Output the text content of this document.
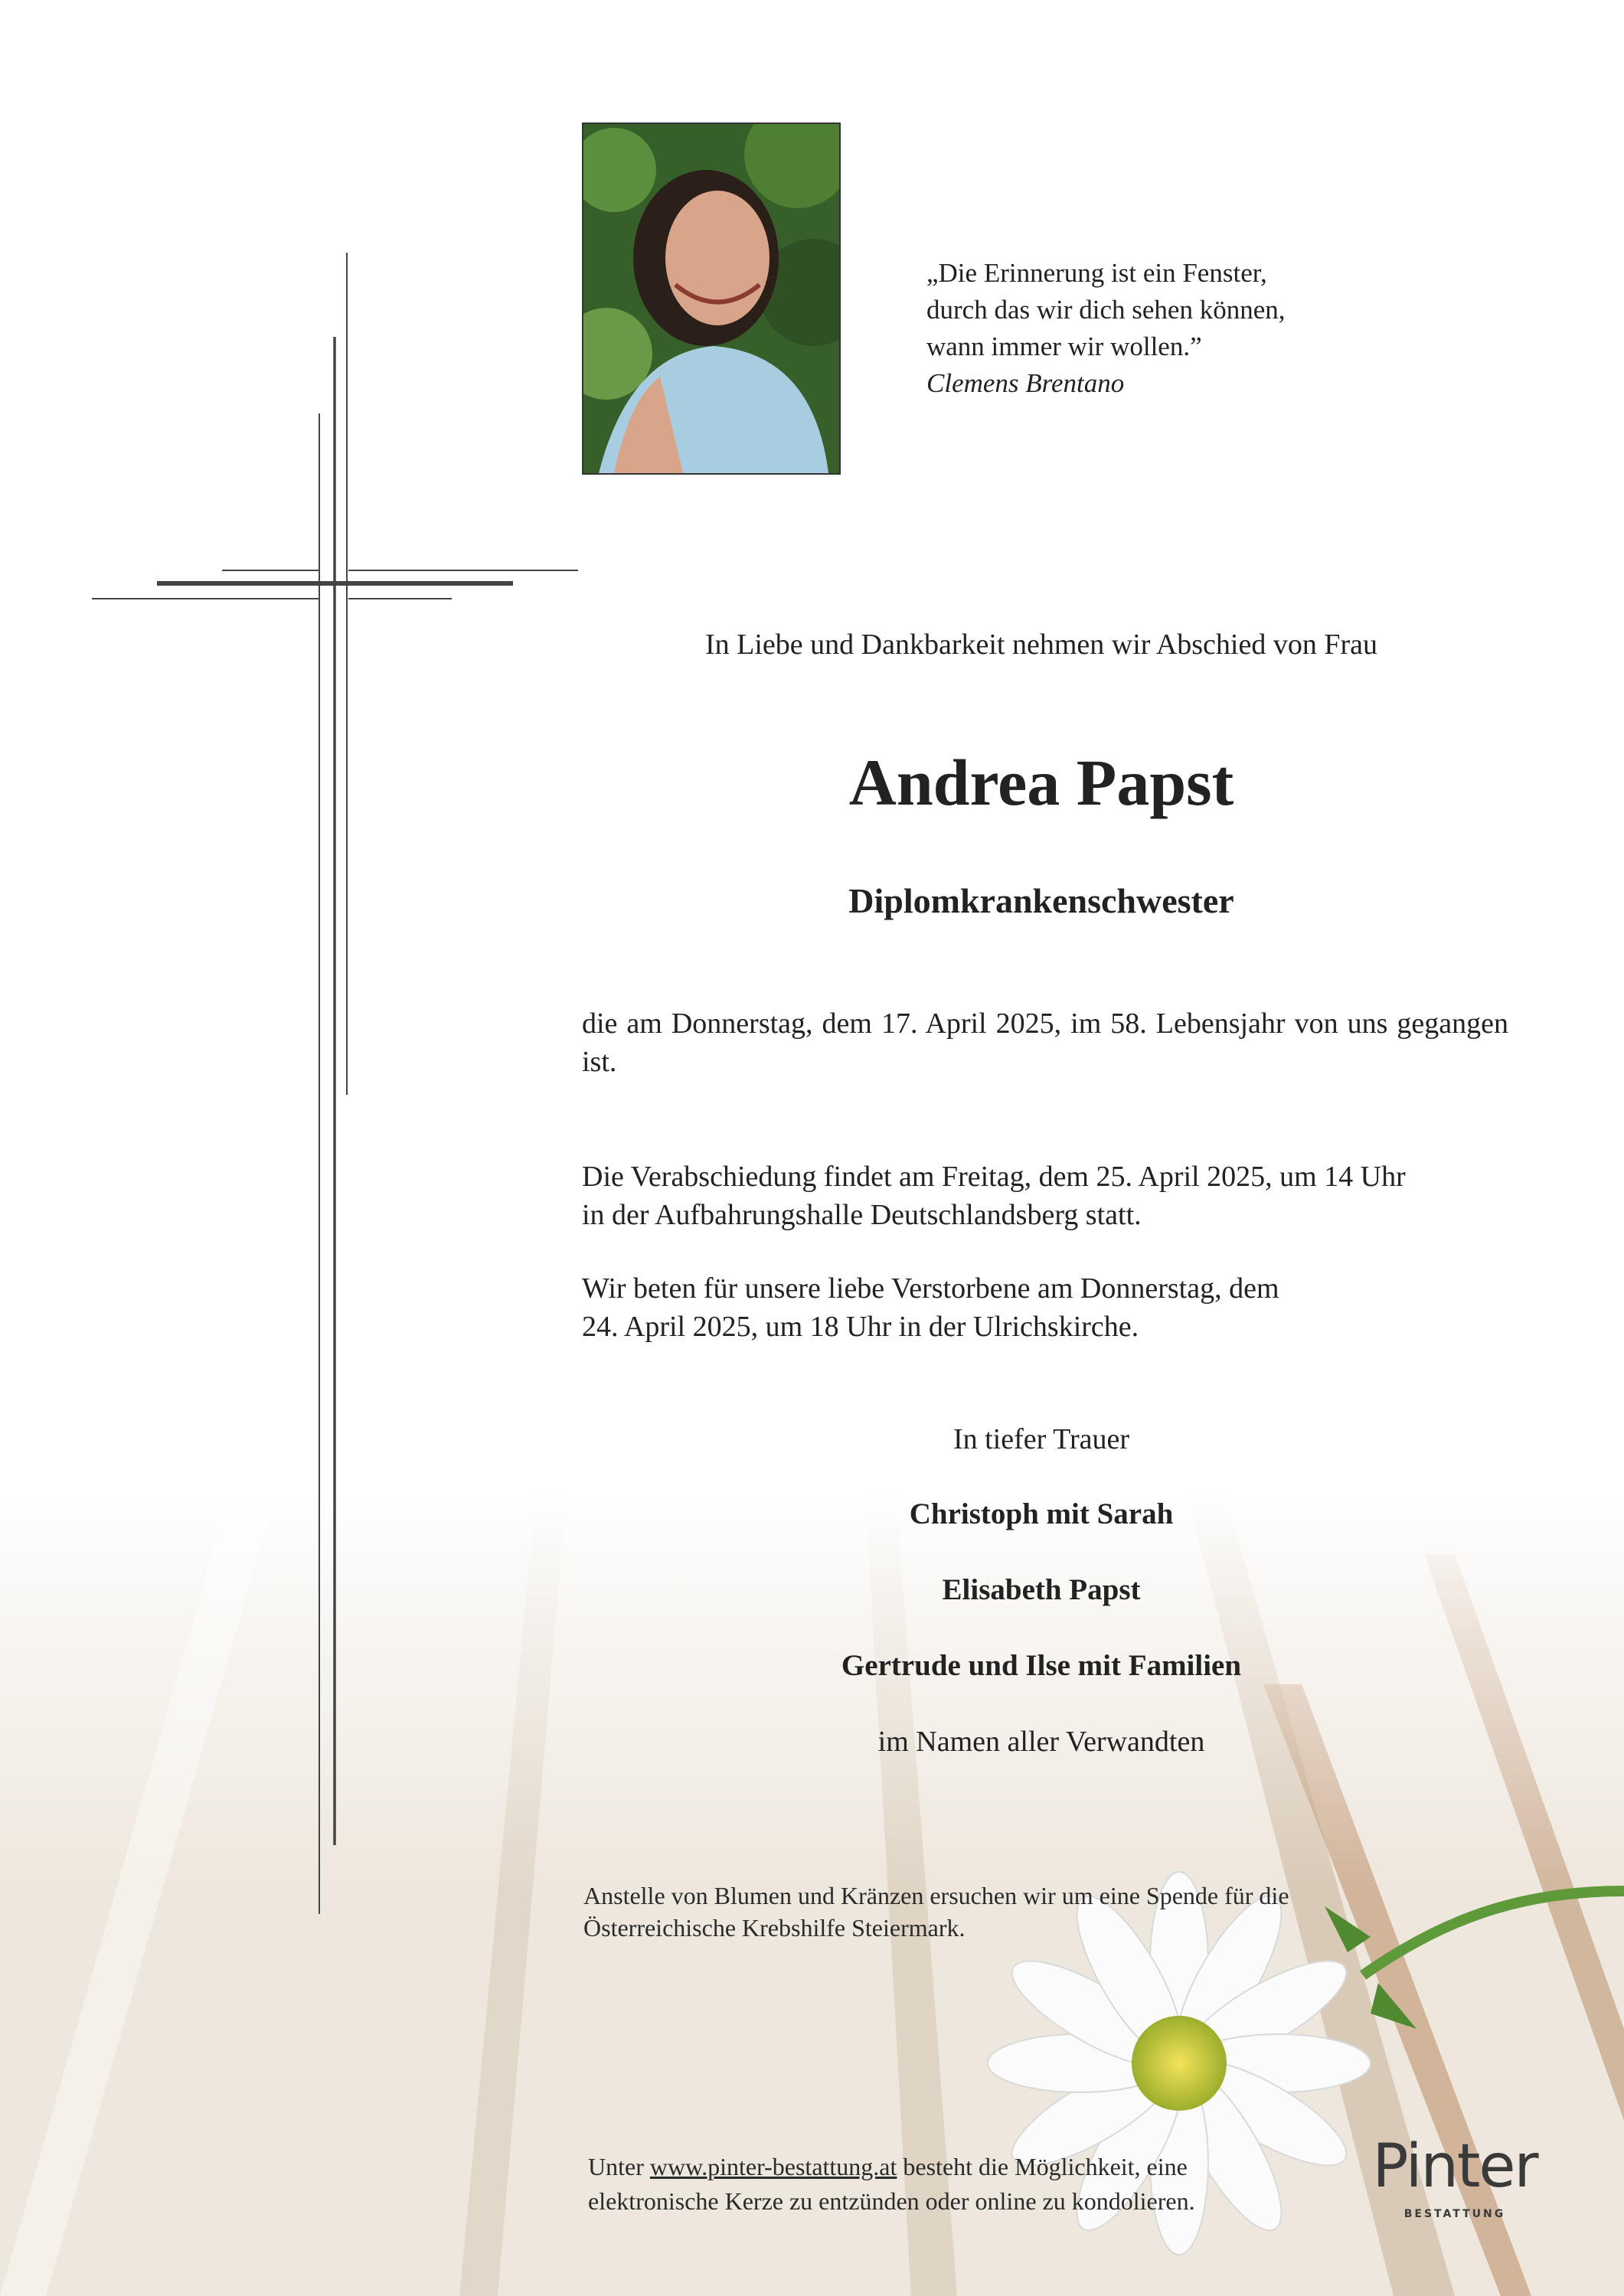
„Die Erinnerung ist ein Fenster,
durch das wir dich sehen können,
wann immer wir wollen.”
Clemens Brentano
In Liebe und Dankbarkeit nehmen wir Abschied von Frau
Andrea Papst
Diplomkrankenschwester
die am Donnerstag, dem 17. April 2025, im 58. Lebensjahr von uns gegangen ist.
Die Verabschiedung findet am Freitag, dem 25. April 2025, um 14 Uhr
in der Aufbahrungshalle Deutschlandsberg statt.
Wir beten für unsere liebe Verstorbene am Donnerstag, dem
24. April 2025, um 18 Uhr in der Ulrichskirche.
In tiefer Trauer
Christoph mit Sarah
Elisabeth Papst
Gertrude und Ilse mit Familien
im Namen aller Verwandten
Anstelle von Blumen und Kränzen ersuchen wir um eine Spende für die
Österreichische Krebshilfe Steiermark.
Unter www.pinter-bestattung.at besteht die Möglichkeit, eine
elektronische Kerze zu entzünden oder online zu kondolieren.	Pinter
BESTATTUNG
